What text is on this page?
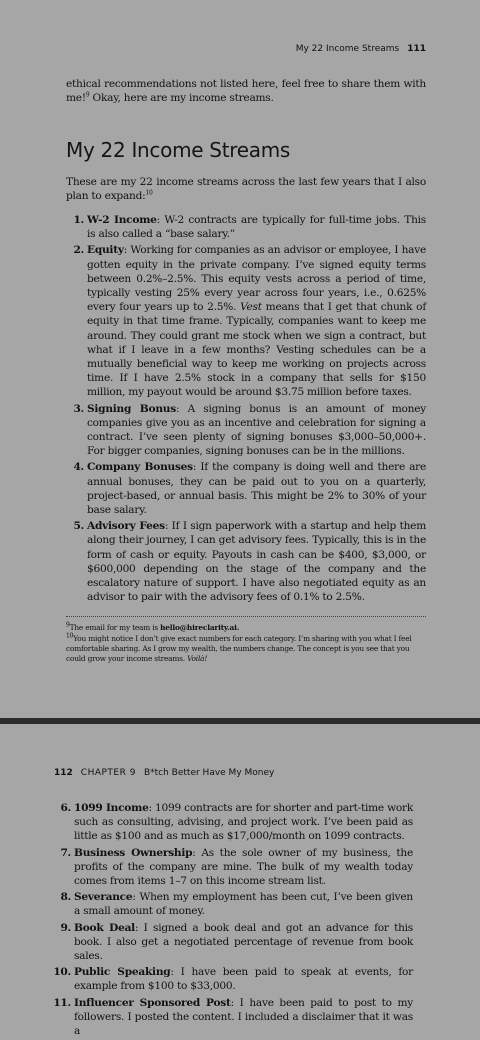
My 22 Income Streams 111

ethical recommendations not listed here, feel free to share them with me!$^9$ Okay, here are my income streams.

My 22 Income Streams

These are my 22 income streams across the last few years that I also plan to expand:$^{10}$

1. W-2 Income: W-2 contracts are typically for full-time jobs. This is also called a “base salary.”
2. Equity: Working for companies as an advisor or employee, I have gotten equity in the private company. I’ve signed equity terms between 0.2%–2.5%. This equity vests across a period of time, typically vesting 25% every year across four years, i.e., 0.625% every four years up to 2.5%. Vest means that I get that chunk of equity in that time frame. Typically, companies want to keep me around. They could grant me stock when we sign a contract, but what if I leave in a few months? Vesting schedules can be a mutually beneficial way to keep me working on projects across time. If I have 2.5% stock in a company that sells for $150 million, my payout would be around $3.75 million before taxes.
3. Signing Bonus: A signing bonus is an amount of money companies give you as an incentive and celebration for signing a contract. I’ve seen plenty of signing bonuses $3,000–50,000+. For bigger companies, signing bonuses can be in the millions.
4. Company Bonuses: If the company is doing well and there are annual bonuses, they can be paid out to you on a quarterly, project-based, or annual basis. This might be 2% to 30% of your base salary.
5. Advisory Fees: If I sign paperwork with a startup and help them along their journey, I can get advisory fees. Typically, this is in the form of cash or equity. Payouts in cash can be $400, $3,000, or $600,000 depending on the stage of the company and the escalatory nature of support. I have also negotiated equity as an advisor to pair with the advisory fees of 0.1% to 2.5%.

$^9$The email for my team is hello@hireclarity.ai.

$^{10}$You might notice I don’t give exact numbers for each category. I’m sharing with you what I feel comfortable sharing. As I grow my wealth, the numbers change. The concept is you see that you could grow your income streams. Voilà!

112 CHAPTER 9 B*tch Better Have My Money
6. 1099 Income: 1099 contracts are for shorter and part-time work such as consulting, advising, and project work. I’ve been paid as little as $100 and as much as $17,000/month on 1099 contracts.
7. Business Ownership: As the sole owner of my business, the profits of the company are mine. The bulk of my wealth today comes from items 1–7 on this income stream list.
8. Severance: When my employment has been cut, I’ve been given a small amount of money.
9. Book Deal: I signed a book deal and got an advance for this book. I also get a negotiated percentage of revenue from book sales.
10. Public Speaking: I have been paid to speak at events, for example from $100 to $33,000.
11. Influencer Sponsored Post: I have been paid to post to my followers. I posted the content. I included a disclaimer that it was a
